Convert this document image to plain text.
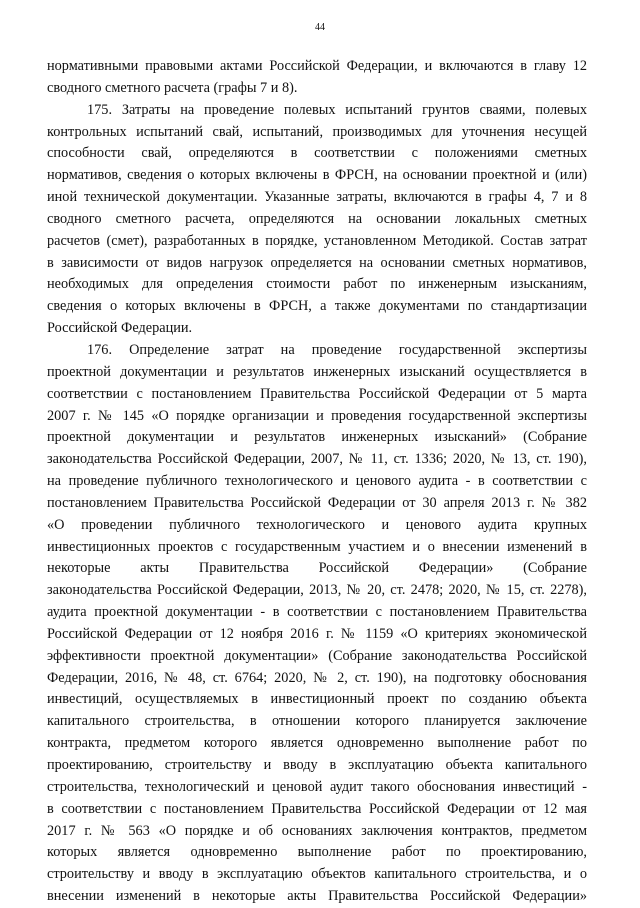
44
нормативными правовыми актами Российской Федерации, и включаются в главу 12
сводного сметного расчета (графы 7 и 8).
175. Затраты на проведение полевых испытаний грунтов сваями, полевых
контрольных испытаний свай, испытаний, производимых для уточнения несущей
способности свай, определяются в соответствии с положениями сметных
нормативов, сведения о которых включены в ФРСН, на основании проектной и (или)
иной технической документации. Указанные затраты, включаются в графы 4, 7 и 8
сводного сметного расчета, определяются на основании локальных сметных
расчетов (смет), разработанных в порядке, установленном Методикой. Состав затрат
в зависимости от видов нагрузок определяется на основании сметных нормативов,
необходимых для определения стоимости работ по инженерным изысканиям,
сведения о которых включены в ФРСН, а также документами по стандартизации
Российской Федерации.
176. Определение затрат на проведение государственной экспертизы
проектной документации и результатов инженерных изысканий осуществляется в
соответствии с постановлением Правительства Российской Федерации от 5 марта
2007 г. № 145 «О порядке организации и проведения государственной экспертизы
проектной документации и результатов инженерных изысканий» (Собрание
законодательства Российской Федерации, 2007, № 11, ст. 1336; 2020, № 13, ст. 190),
на проведение публичного технологического и ценового аудита - в соответствии с
постановлением Правительства Российской Федерации от 30 апреля 2013 г. № 382
«О проведении публичного технологического и ценового аудита крупных
инвестиционных проектов с государственным участием и о внесении изменений в
некоторые акты Правительства Российской Федерации» (Собрание
законодательства Российской Федерации, 2013, № 20, ст. 2478; 2020, № 15, ст. 2278),
аудита проектной документации - в соответствии с постановлением Правительства
Российской Федерации от 12 ноября 2016 г. № 1159 «О критериях экономической
эффективности проектной документации» (Собрание законодательства Российской
Федерации, 2016, № 48, ст. 6764; 2020, № 2, ст. 190), на подготовку обоснования
инвестиций, осуществляемых в инвестиционный проект по созданию объекта
капитального строительства, в отношении которого планируется заключение
контракта, предметом которого является одновременно выполнение работ по
проектированию, строительству и вводу в эксплуатацию объекта капитального
строительства, технологический и ценовой аудит такого обоснования инвестиций -
в соответствии с постановлением Правительства Российской Федерации от 12 мая
2017 г. № 563 «О порядке и об основаниях заключения контрактов, предметом
которых является одновременно выполнение работ по проектированию,
строительству и вводу в эксплуатацию объектов капитального строительства, и о
внесении изменений в некоторые акты Правительства Российской Федерации»
